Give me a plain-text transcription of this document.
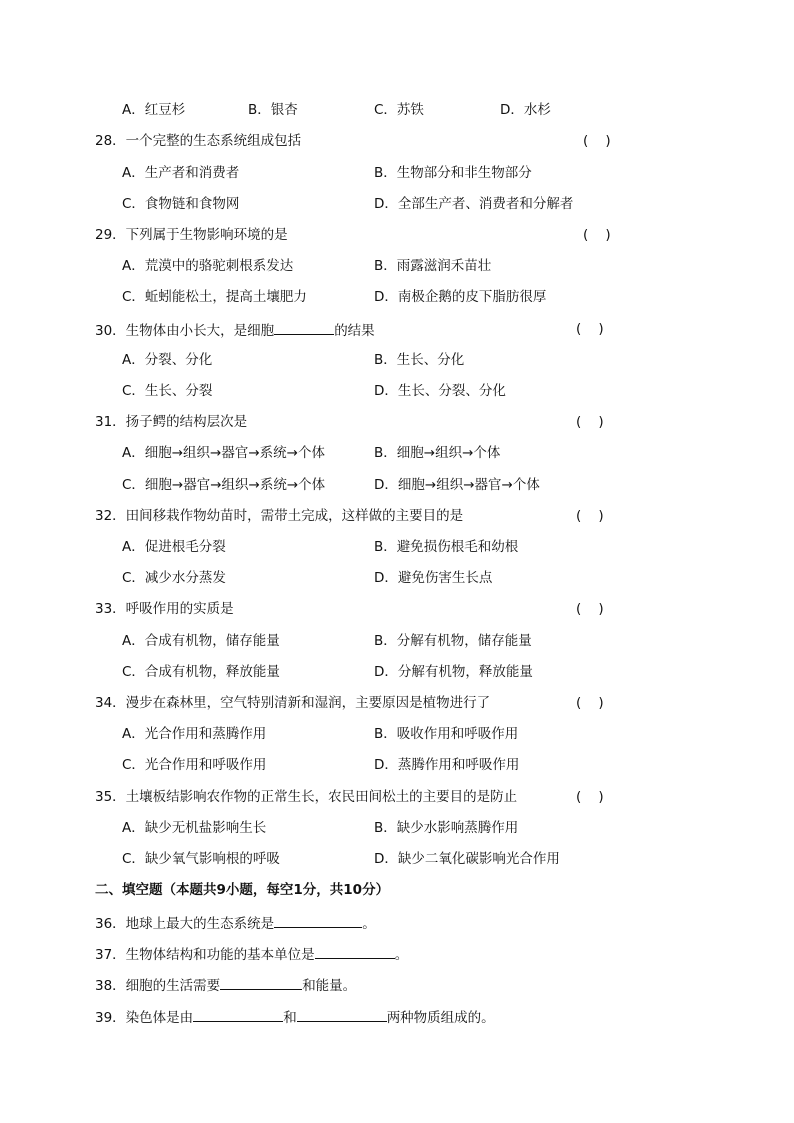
A．红豆杉	B．银杏	C．苏铁	D．水杉
28．一个完整的生态系统组成包括	(    )
A．生产者和消费者	B．生物部分和非生物部分
C．食物链和食物网	D．全部生产者、消费者和分解者
29．下列属于生物影响环境的是	(    )
A．荒漠中的骆驼刺根系发达	B．雨露滋润禾苗壮
C．蚯蚓能松土，提高土壤肥力	D．南极企鹅的皮下脂肪很厚
30．生物体由小长大，是细胞	的结果	(    )
A．分裂、分化	B．生长、分化
C．生长、分裂	D．生长、分裂、分化
31．扬子鳄的结构层次是	(    )
A．细胞→组织→器官→系统→个体	B．细胞→组织→个体
C．细胞→器官→组织→系统→个体	D．细胞→组织→器官→个体
32．田间移栽作物幼苗时，需带土完成，这样做的主要目的是	(    )
A．促进根毛分裂	B．避免损伤根毛和幼根
C．减少水分蒸发	D．避免伤害生长点
33．呼吸作用的实质是	(    )
A．合成有机物，储存能量	B．分解有机物，储存能量
C．合成有机物，释放能量	D．分解有机物，释放能量
34．漫步在森林里，空气特别清新和湿润，主要原因是植物进行了	(    )
A．光合作用和蒸腾作用	B．吸收作用和呼吸作用
C．光合作用和呼吸作用	D．蒸腾作用和呼吸作用
35．土壤板结影响农作物的正常生长，农民田间松土的主要目的是防止	(    )
A．缺少无机盐影响生长	B．缺少水影响蒸腾作用
C．缺少氧气影响根的呼吸	D．缺少二氧化碳影响光合作用
二、填空题（本题共9小题，每空1分，共10分）
36．地球上最大的生态系统是	。
37．生物体结构和功能的基本单位是	。
38．细胞的生活需要	和能量。
39．染色体是由	和	两种物质组成的。
